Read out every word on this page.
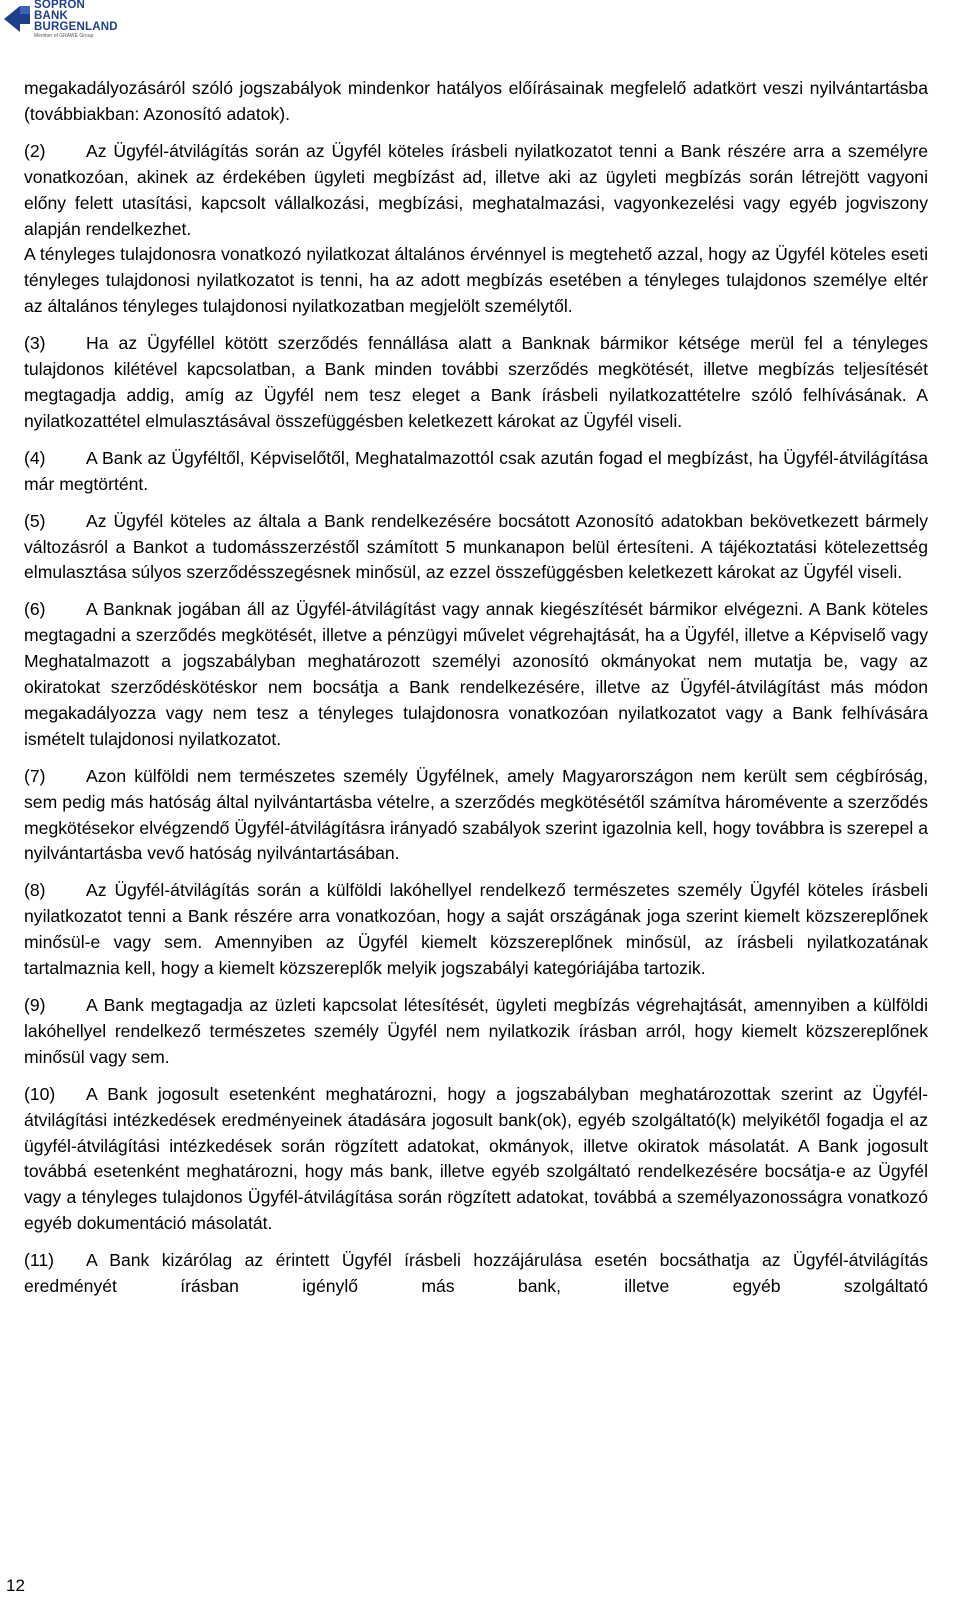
SOPRON
BANK
BURGENLAND
Member of GRAWE Group

megakadályozásáról szóló jogszabályok mindenkor hatályos előírásainak megfelelő adatkört veszi nyilvántartásba (továbbiakban: Azonosító adatok).

(2) Az Ügyfél-átvilágítás során az Ügyfél köteles írásbeli nyilatkozatot tenni a Bank részére arra a személyre vonatkozóan, akinek az érdekében ügyleti megbízást ad, illetve aki az ügyleti megbízás során létrejött vagyoni előny felett utasítási, kapcsolt vállalkozási, megbízási, meghatalmazási, vagyonkezelési vagy egyéb jogviszony alapján rendelkezhet.

A tényleges tulajdonosra vonatkozó nyilatkozat általános érvénnyel is megtehető azzal, hogy az Ügyfél köteles eseti tényleges tulajdonosi nyilatkozatot is tenni, ha az adott megbízás esetében a tényleges tulajdonos személye eltér az általános tényleges tulajdonosi nyilatkozatban megjelölt személytől.

(3) Ha az Ügyféllel kötött szerződés fennállása alatt a Banknak bármikor kétsége merül fel a tényleges tulajdonos kilétével kapcsolatban, a Bank minden további szerződés megkötését, illetve megbízás teljesítését megtagadja addig, amíg az Ügyfél nem tesz eleget a Bank írásbeli nyilatkozattételre szóló felhívásának. A nyilatkozattétel elmulasztásával összefüggésben keletkezett károkat az Ügyfél viseli.

(4) A Bank az Ügyféltől, Képviselőtől, Meghatalmazottól csak azután fogad el megbízást, ha Ügyfél-átvilágítása már megtörtént.

(5) Az Ügyfél köteles az általa a Bank rendelkezésére bocsátott Azonosító adatokban bekövetkezett bármely változásról a Bankot a tudomásszerzéstől számított 5 munkanapon belül értesíteni. A tájékoztatási kötelezettség elmulasztása súlyos szerződésszegésnek minősül, az ezzel összefüggésben keletkezett károkat az Ügyfél viseli.

(6) A Banknak jogában áll az Ügyfél-átvilágítást vagy annak kiegészítését bármikor elvégezni. A Bank köteles megtagadni a szerződés megkötését, illetve a pénzügyi művelet végrehajtását, ha a Ügyfél, illetve a Képviselő vagy Meghatalmazott a jogszabályban meghatározott személyi azonosító okmányokat nem mutatja be, vagy az okiratokat szerződéskötéskor nem bocsátja a Bank rendelkezésére, illetve az Ügyfél-átvilágítást más módon megakadályozza vagy nem tesz a tényleges tulajdonosra vonatkozóan nyilatkozatot vagy a Bank felhívására ismételt tulajdonosi nyilatkozatot.

(7) Azon külföldi nem természetes személy Ügyfélnek, amely Magyarországon nem került sem cégbíróság, sem pedig más hatóság által nyilvántartásba vételre, a szerződés megkötésétől számítva háromévente a szerződés megkötésekor elvégzendő Ügyfél-átvilágításra irányadó szabályok szerint igazolnia kell, hogy továbbra is szerepel a nyilvántartásba vevő hatóság nyilvántartásában.

(8) Az Ügyfél-átvilágítás során a külföldi lakóhellyel rendelkező természetes személy Ügyfél köteles írásbeli nyilatkozatot tenni a Bank részére arra vonatkozóan, hogy a saját országának joga szerint kiemelt közszereplőnek minősül-e vagy sem. Amennyiben az Ügyfél kiemelt közszereplőnek minősül, az írásbeli nyilatkozatának tartalmaznia kell, hogy a kiemelt közszereplők melyik jogszabályi kategóriájába tartozik.

(9) A Bank megtagadja az üzleti kapcsolat létesítését, ügyleti megbízás végrehajtását, amennyiben a külföldi lakóhellyel rendelkező természetes személy Ügyfél nem nyilatkozik írásban arról, hogy kiemelt közszereplőnek minősül vagy sem.

(10) A Bank jogosult esetenként meghatározni, hogy a jogszabályban meghatározottak szerint az Ügyfél-átvilágítási intézkedések eredményeinek átadására jogosult bank(ok), egyéb szolgáltató(k) melyikétől fogadja el az ügyfél-átvilágítási intézkedések során rögzített adatokat, okmányok, illetve okiratok másolatát. A Bank jogosult továbbá esetenként meghatározni, hogy más bank, illetve egyéb szolgáltató rendelkezésére bocsátja-e az Ügyfél vagy a tényleges tulajdonos Ügyfél-átvilágítása során rögzített adatokat, továbbá a személyazonosságra vonatkozó egyéb dokumentáció másolatát.

(11) A Bank kizárólag az érintett Ügyfél írásbeli hozzájárulása esetén bocsáthatja az Ügyfél-átvilágítás eredményét írásban igénylő más bank, illetve egyéb szolgáltató

12
